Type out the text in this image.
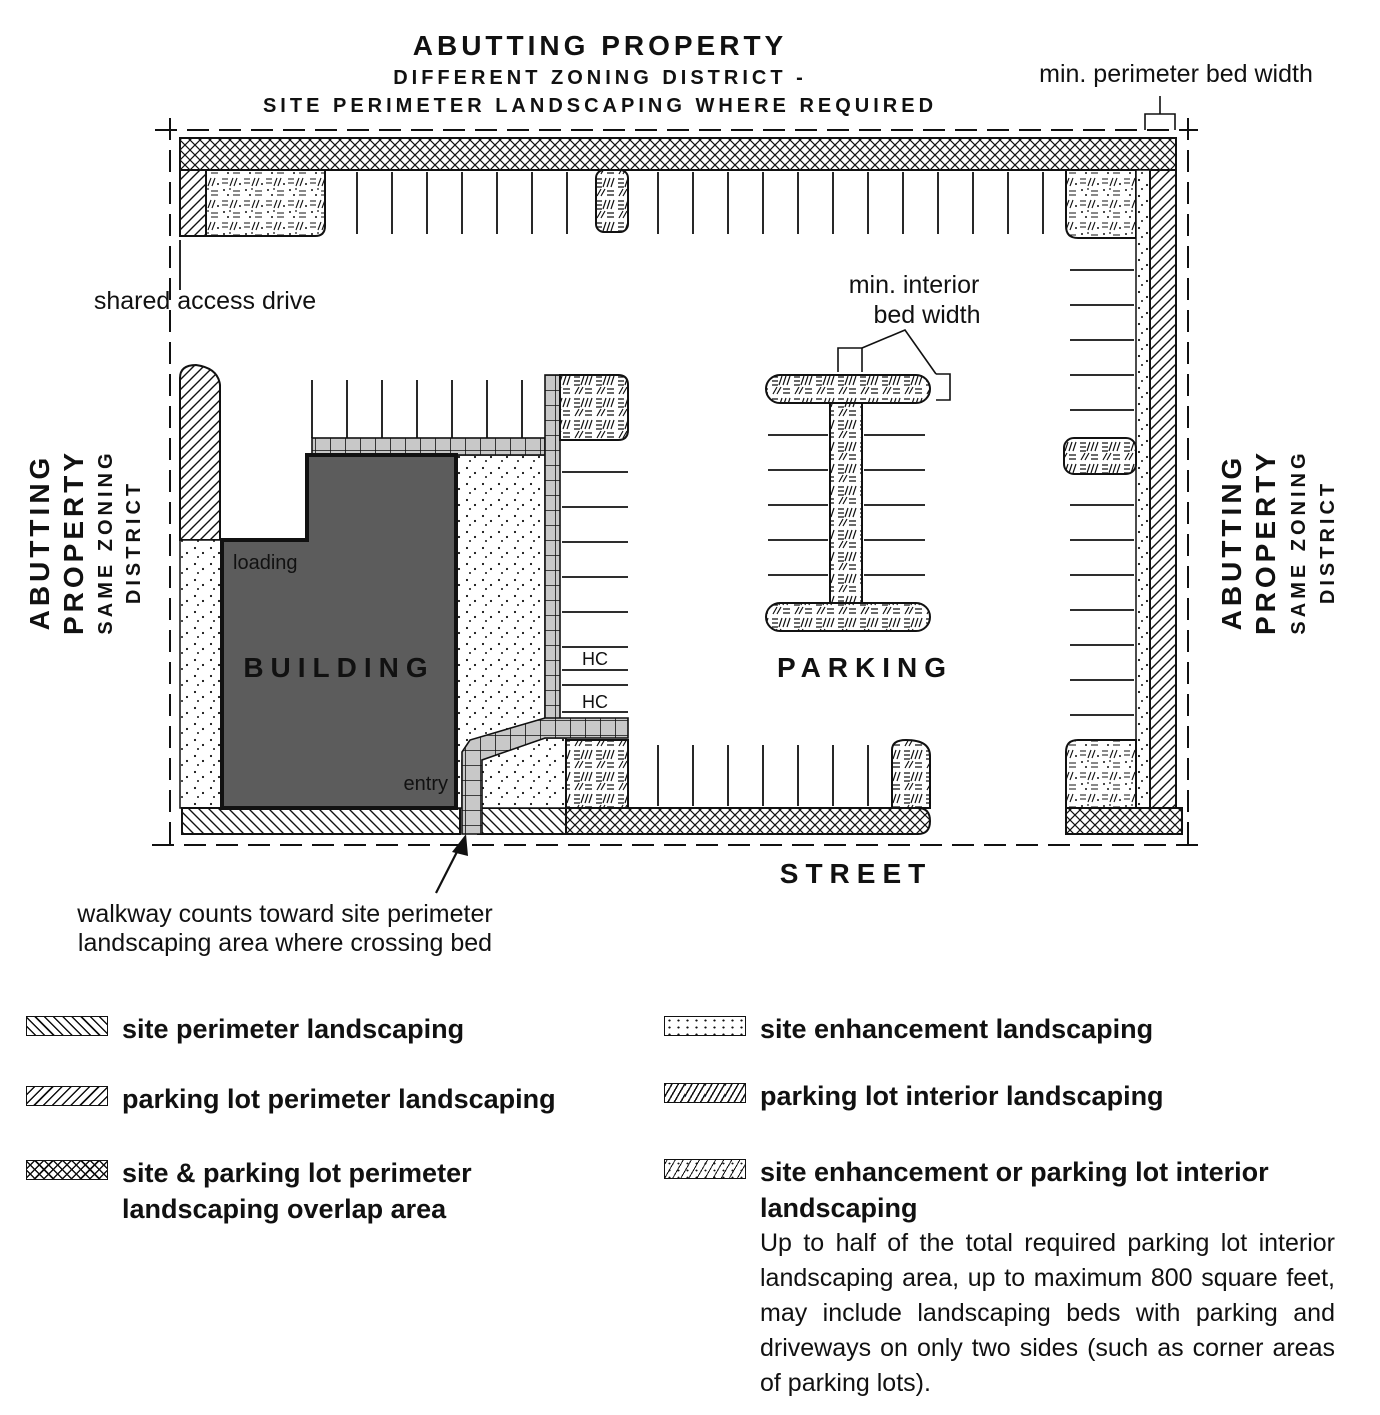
ABUTTING PROPERTY
DIFFERENT ZONING DISTRICT -
SITE PERIMETER LANDSCAPING WHERE REQUIRED
min. perimeter bed width
shared access drive
min. interior
bed width
ABUTTING PROPERTY SAME ZONING DISTRICT	ABUTTING PROPERTY SAME ZONING DISTRICT
loading
BUILDING
entry
HC
HC
PARKING
STREET
walkway counts toward site perimeter
landscaping area where crossing bed
site perimeter landscaping
parking lot perimeter landscaping
site & parking lot perimeter
landscaping overlap area
site enhancement landscaping
parking lot interior landscaping
site enhancement or parking lot interior
landscaping
Up to half of the total required parking lot interior landscaping area, up to maximum 800 square feet, may include landscaping beds with parking and driveways on only two sides (such as corner areas of parking lots).
